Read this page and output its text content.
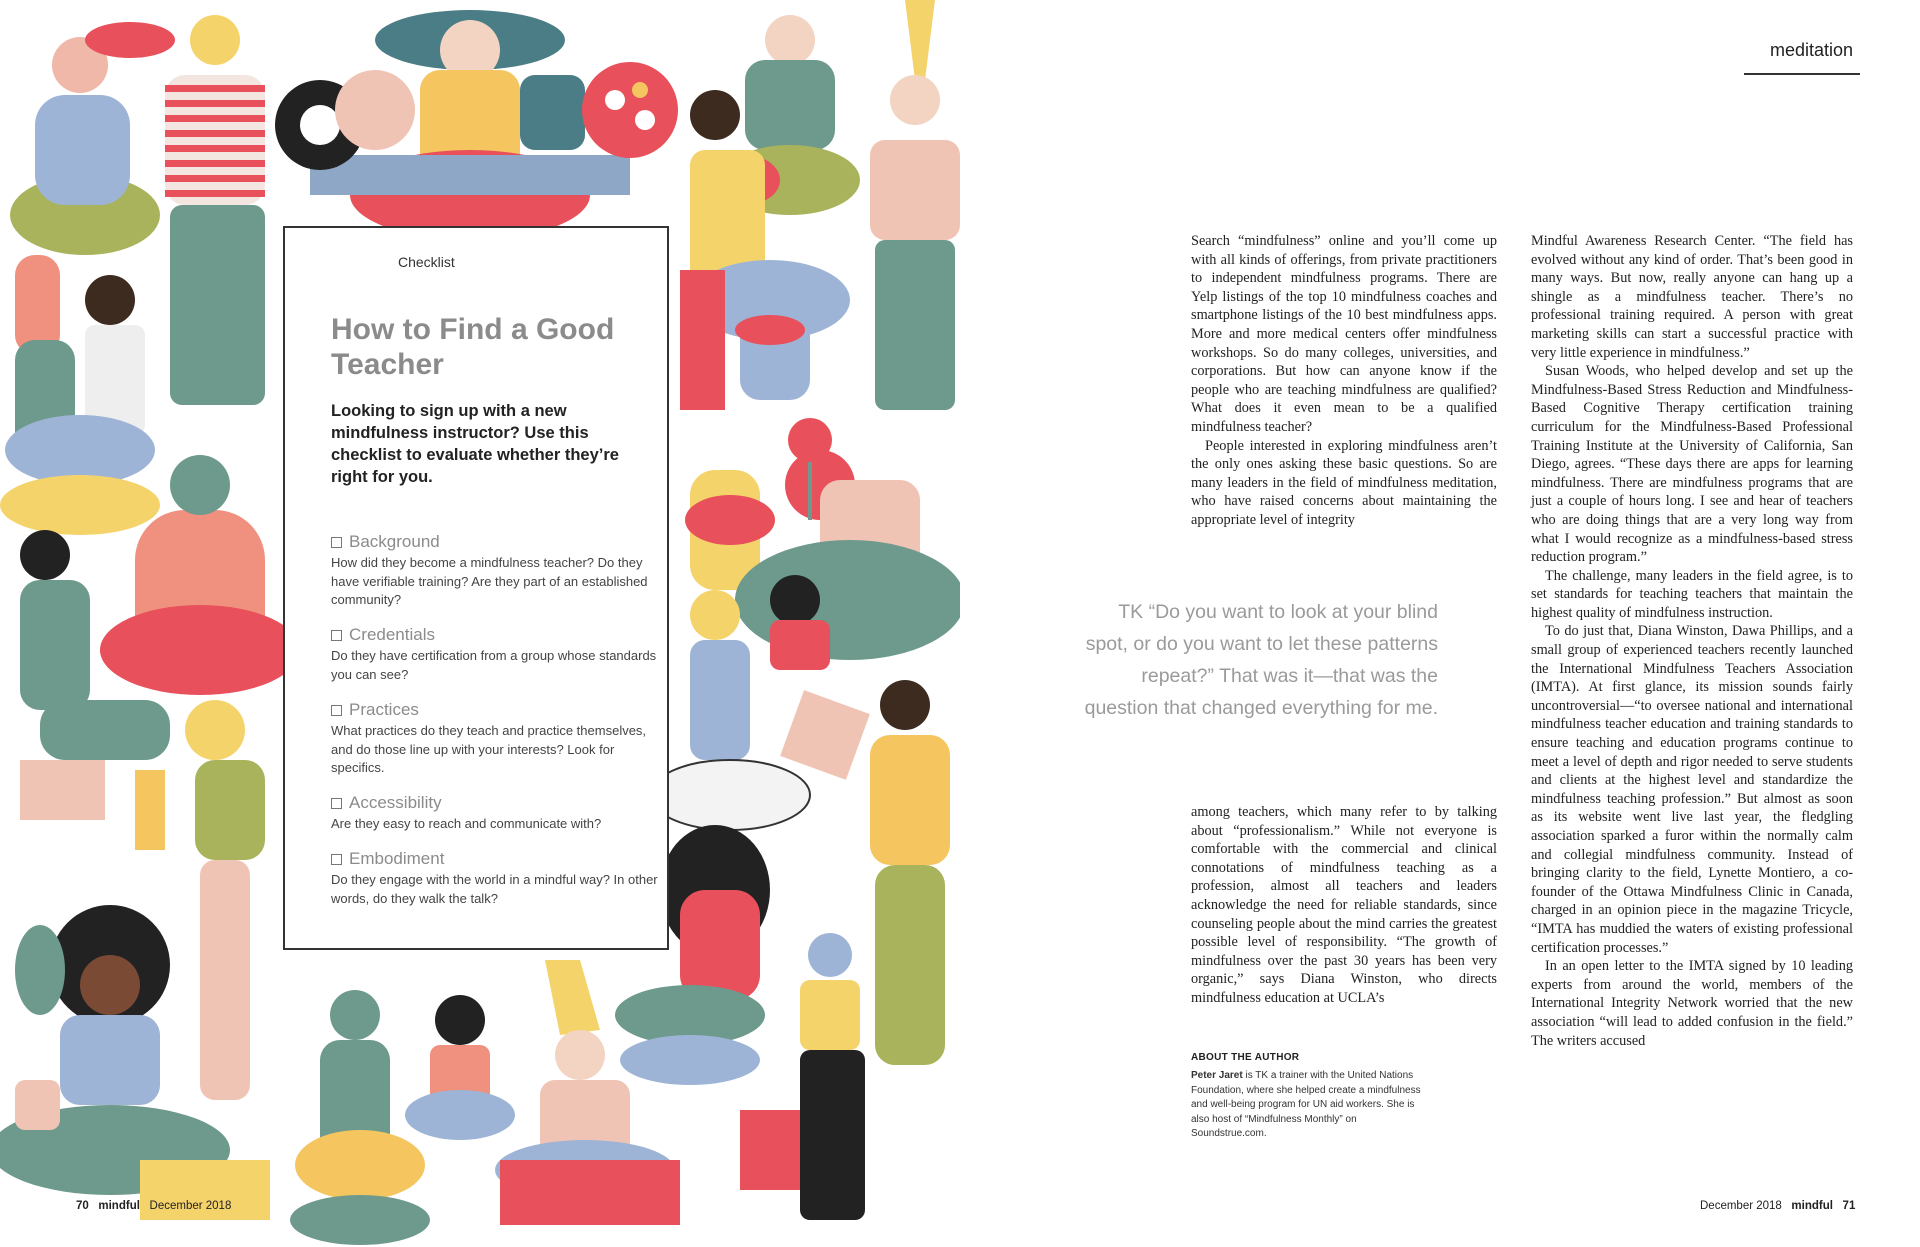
Checklist
How to Find a Good Teacher
Looking to sign up with a new mindfulness instructor? Use this checklist to evaluate whether they’re right for you.
Background
How did they become a mindfulness teacher? Do they have verifiable training? Are they part of an established community?
Credentials
Do they have certification from a group whose standards you can see?
Practices
What practices do they teach and practice themselves, and do those line up with your interests? Look for specifics.
Accessibility
Are they easy to reach and communicate with?
Embodiment
Do they engage with the world in a mindful way? In other words, do they walk the talk?
70 mindful December 2018
meditation

Search “mindfulness” online and you’ll come up with all kinds of offerings, from private practitioners to independent mindfulness programs. There are Yelp listings of the top 10 mindfulness coaches and smartphone listings of the 10 best mindfulness apps. More and more medical centers offer mindfulness workshops. So do many colleges, universities, and corporations. But how can anyone know if the people who are teaching mindfulness are qualified? What does it even mean to be a qualified mindfulness teacher?

People interested in exploring mindfulness aren’t the only ones asking these basic questions. So are many leaders in the field of mindfulness meditation, who have raised concerns about maintaining the appropriate level of integrity

TK “Do you want to look at your blind spot, or do you want to let these patterns repeat?” That was it—that was the question that changed everything for me.

among teachers, which many refer to by talking about “professionalism.” While not everyone is comfortable with the commercial and clinical connotations of mindfulness teaching as a profession, almost all teachers and leaders acknowledge the need for reliable standards, since counseling people about the mind carries the greatest possible level of responsibility. “The growth of mindfulness over the past 30 years has been very organic,” says Diana Winston, who directs mindfulness education at UCLA’s

Mindful Awareness Research Center. “The field has evolved without any kind of order. That’s been good in many ways. But now, really anyone can hang up a shingle as a mindfulness teacher. There’s no professional training required. A person with great marketing skills can start a successful practice with very little experience in mindfulness.”

Susan Woods, who helped develop and set up the Mindfulness-Based Stress Reduction and Mindfulness-Based Cognitive Therapy certification training curriculum for the Mindfulness-Based Professional Training Institute at the University of California, San Diego, agrees. “These days there are apps for learning mindfulness. There are mindfulness programs that are just a couple of hours long. I see and hear of teachers who are doing things that are a very long way from what I would recognize as a mindfulness-based stress reduction program.”

The challenge, many leaders in the field agree, is to set standards for teaching teachers that maintain the highest quality of mindfulness instruction.

To do just that, Diana Winston, Dawa Phillips, and a small group of experienced teachers recently launched the International Mindfulness Teachers Association (IMTA). At first glance, its mission sounds fairly uncontroversial—“to oversee national and international mindfulness teacher education and training standards to ensure teaching and education programs continue to meet a level of depth and rigor needed to serve students and clients at the highest level and standardize the mindfulness teaching profession.” But almost as soon as its website went live last year, the fledgling association sparked a furor within the normally calm and collegial mindfulness community. Instead of bringing clarity to the field, Lynette Montiero, a co-founder of the Ottawa Mindfulness Clinic in Canada, charged in an opinion piece in the magazine Tricycle, “IMTA has muddied the waters of existing professional certification processes.”

In an open letter to the IMTA signed by 10 leading experts from around the world, members of the International Integrity Network worried that the new association “will lead to added confusion in the field.” The writers accused

ABOUT THE AUTHOR
Peter Jaret is TK a trainer with the United Nations Foundation, where she helped create a mindfulness and well-being program for UN aid workers. She is also host of “Mindfulness Monthly” on Soundstrue.com.
December 2018 mindful 71
